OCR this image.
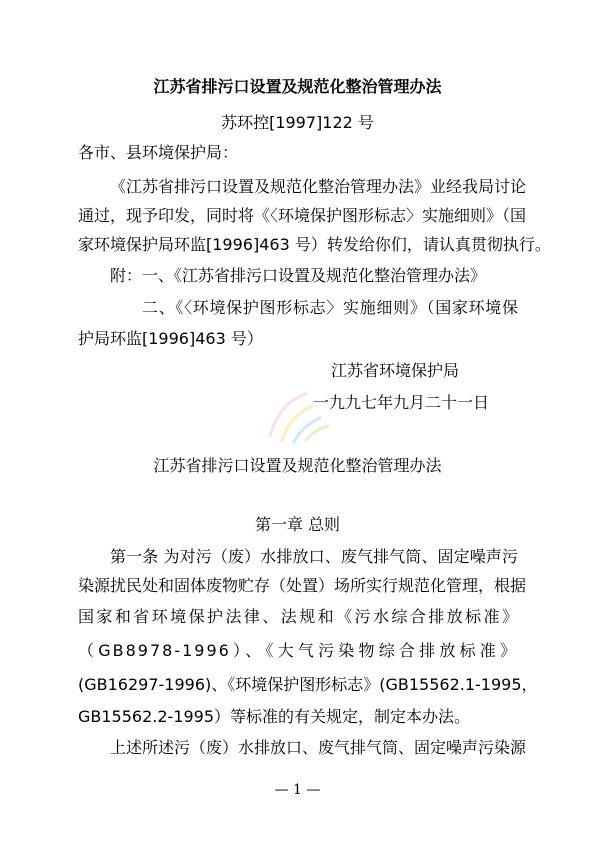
江苏省排污口设置及规范化整治管理办法
苏环控[1997]122 号
各市、县环境保护局：
《江苏省排污口设置及规范化整治管理办法》业经我局讨论
通过，现予印发，同时将《〈环境保护图形标志〉实施细则》（国
家环境保护局环监[1996]463 号）转发给你们，请认真贯彻执行。
附：一、《江苏省排污口设置及规范化整治管理办法》
二、《〈环境保护图形标志〉实施细则》（国家环境保
护局环监[1996]463 号）
江苏省环境保护局
一九九七年九月二十一日
江苏省排污口设置及规范化整治管理办法
第一章 总则
第一条 为对污（废）水排放口、废气排气筒、固定噪声污
染源扰民处和固体废物贮存（处置）场所实行规范化管理，根据
国家和省环境保护法律、法规和《污水综合排放标准》
（GB8978-1996）、《大气污染物综合排放标准》
(GB16297-1996)、《环境保护图形标志》(GB15562.1-1995，
GB15562.2-1995）等标准的有关规定，制定本办法。
上述所述污（废）水排放口、废气排气筒、固定噪声污染源
— 1 —
